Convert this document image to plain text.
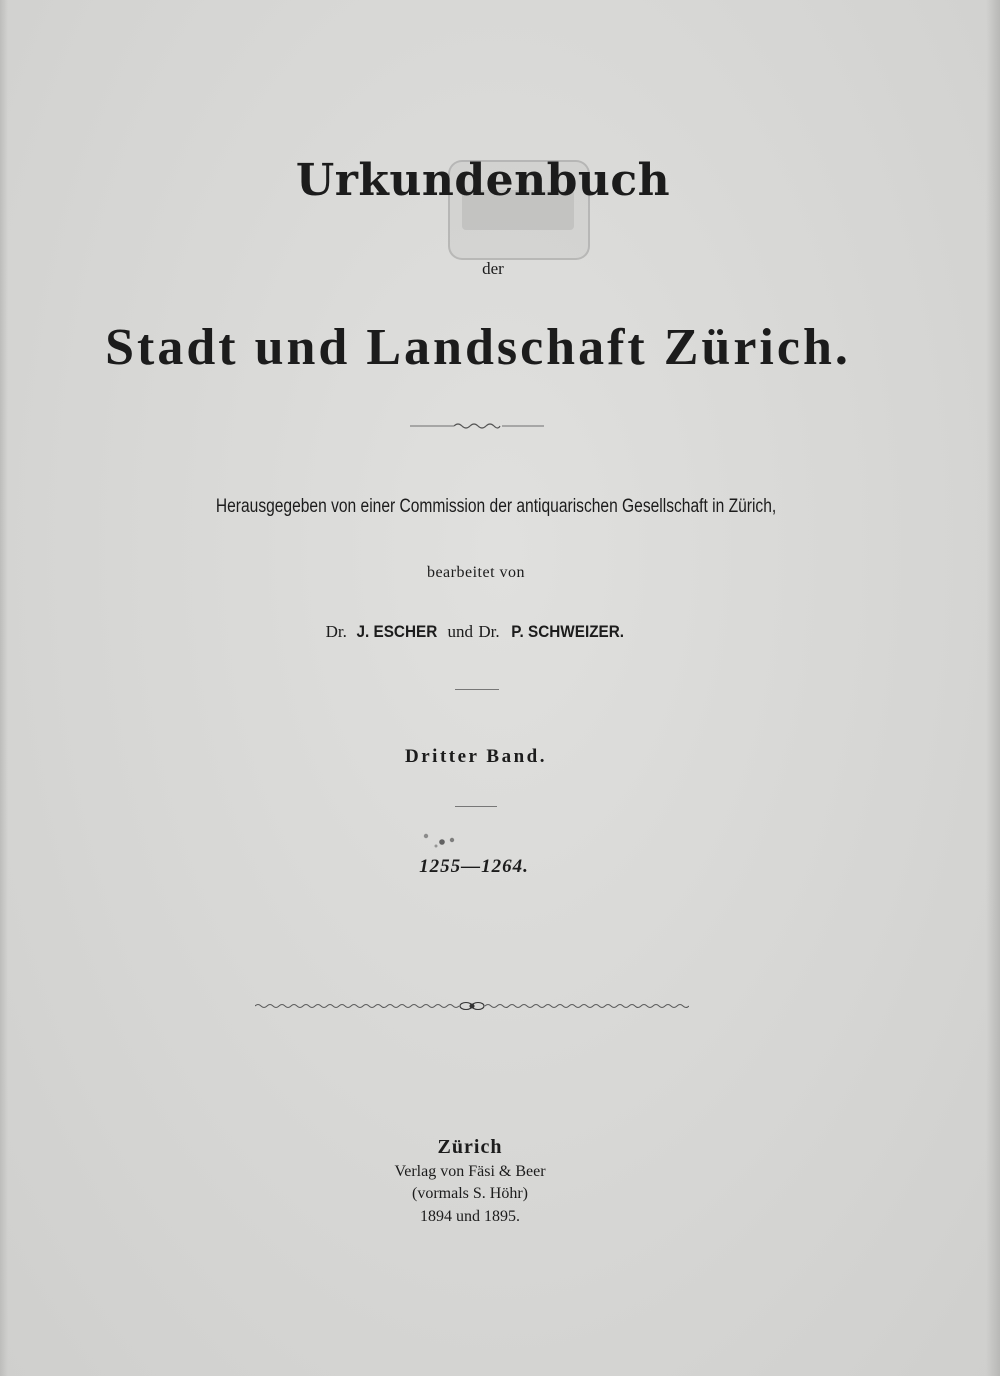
Urkundenbuch
der
Stadt und Landschaft Zürich.
Herausgegeben von einer Commission der antiquarischen Gesellschaft in Zürich,
bearbeitet von
Dr. J. ESCHER und Dr. P. SCHWEIZER.
Dritter Band.
1255—1264.
Zürich
Verlag von Fäsi & Beer
(vormals S. Höhr)
1894 und 1895.
